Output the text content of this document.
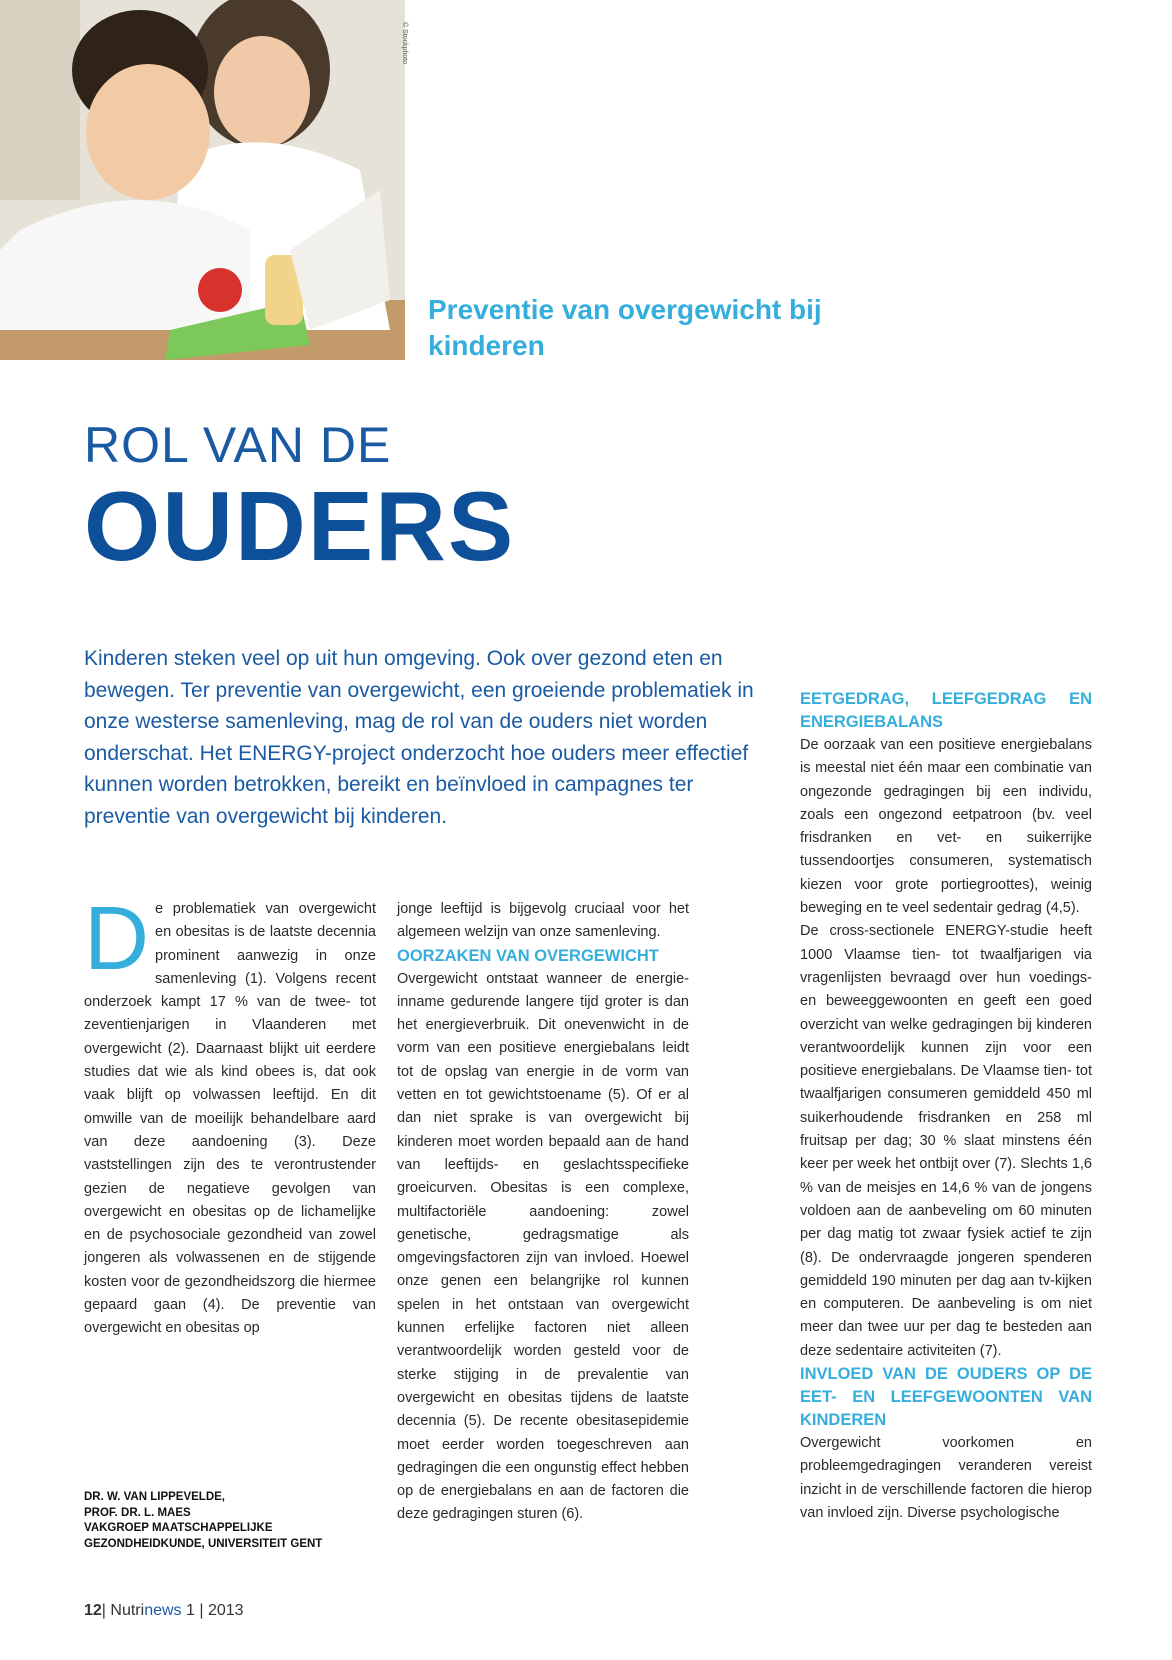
© Stockphoto
Preventie van overgewicht bij kinderen
ROL VAN DE
OUDERS
Kinderen steken veel op uit hun omgeving. Ook over gezond eten en bewegen. Ter preventie van overgewicht, een groeiende problematiek in onze westerse samenleving, mag de rol van de ouders niet worden onderschat. Het ENERGY-project onderzocht hoe ouders meer effectief kunnen worden betrokken, bereikt en beïnvloed in campagnes ter preventie van overgewicht bij kinderen.

De problematiek van overgewicht en obesitas is de laatste decennia prominent aanwezig in onze samenleving (1). Volgens recent onderzoek kampt 17 % van de twee- tot zeventienjarigen in Vlaanderen met overgewicht (2). Daarnaast blijkt uit eerdere studies dat wie als kind obees is, dat ook vaak blijft op volwassen leeftijd. En dit omwille van de moeilijk behandelbare aard van deze aandoening (3). Deze vaststellingen zijn des te verontrustender gezien de negatieve gevolgen van overgewicht en obesitas op de lichamelijke en de psychosociale gezondheid van zowel jongeren als volwassenen en de stijgende kosten voor de gezondheidszorg die hiermee gepaard gaan (4). De preventie van overgewicht en obesitas op

jonge leeftijd is bijgevolg cruciaal voor het algemeen welzijn van onze samenleving.

OORZAKEN VAN OVERGEWICHT

Overgewicht ontstaat wanneer de energie-inname gedurende langere tijd groter is dan het energieverbruik. Dit onevenwicht in de vorm van een positieve energiebalans leidt tot de opslag van energie in de vorm van vetten en tot gewichtstoename (5). Of er al dan niet sprake is van overgewicht bij kinderen moet worden bepaald aan de hand van leeftijds- en geslachtsspecifieke groeicurven. Obesitas is een complexe, multifactoriële aandoening: zowel genetische, gedragsmatige als omgevingsfactoren zijn van invloed. Hoewel onze genen een belangrijke rol kunnen spelen in het ontstaan van overgewicht kunnen erfelijke factoren niet alleen verantwoordelijk worden gesteld voor de sterke stijging in de prevalentie van overgewicht en obesitas tijdens de laatste decennia (5). De recente obesitasepidemie moet eerder worden toegeschreven aan gedragingen die een ongunstig effect hebben op de energiebalans en aan de factoren die deze gedragingen sturen (6).

EETGEDRAG, LEEFGEDRAG EN ENERGIEBALANS

De oorzaak van een positieve energiebalans is meestal niet één maar een combinatie van ongezonde gedragingen bij een individu, zoals een ongezond eetpatroon (bv. veel frisdranken en vet- en suikerrijke tussendoortjes consumeren, systematisch kiezen voor grote portiegroottes), weinig beweging en te veel sedentair gedrag (4,5).

De cross-sectionele ENERGY-studie heeft 1000 Vlaamse tien- tot twaalfjarigen via vragenlijsten bevraagd over hun voedings- en beweeggewoonten en geeft een goed overzicht van welke gedragingen bij kinderen verantwoordelijk kunnen zijn voor een positieve energiebalans. De Vlaamse tien- tot twaalfjarigen consumeren gemiddeld 450 ml suikerhoudende frisdranken en 258 ml fruitsap per dag; 30 % slaat minstens één keer per week het ontbijt over (7). Slechts 1,6 % van de meisjes en 14,6 % van de jongens voldoen aan de aanbeveling om 60 minuten per dag matig tot zwaar fysiek actief te zijn (8). De ondervraagde jongeren spenderen gemiddeld 190 minuten per dag aan tv-kijken en computeren. De aanbeveling is om niet meer dan twee uur per dag te besteden aan deze sedentaire activiteiten (7).

INVLOED VAN DE OUDERS OP DE EET- EN LEEFGEWOONTEN VAN KINDEREN

Overgewicht voorkomen en probleemgedragingen veranderen vereist inzicht in de verschillende factoren die hierop van invloed zijn. Diverse psychologische

DR. W. VAN LIPPEVELDE,
PROF. DR. L. MAES
VAKGROEP MAATSCHAPPELIJKE
GEZONDHEIDKUNDE, UNIVERSITEIT GENT
12| Nutrinews 1 | 2013
